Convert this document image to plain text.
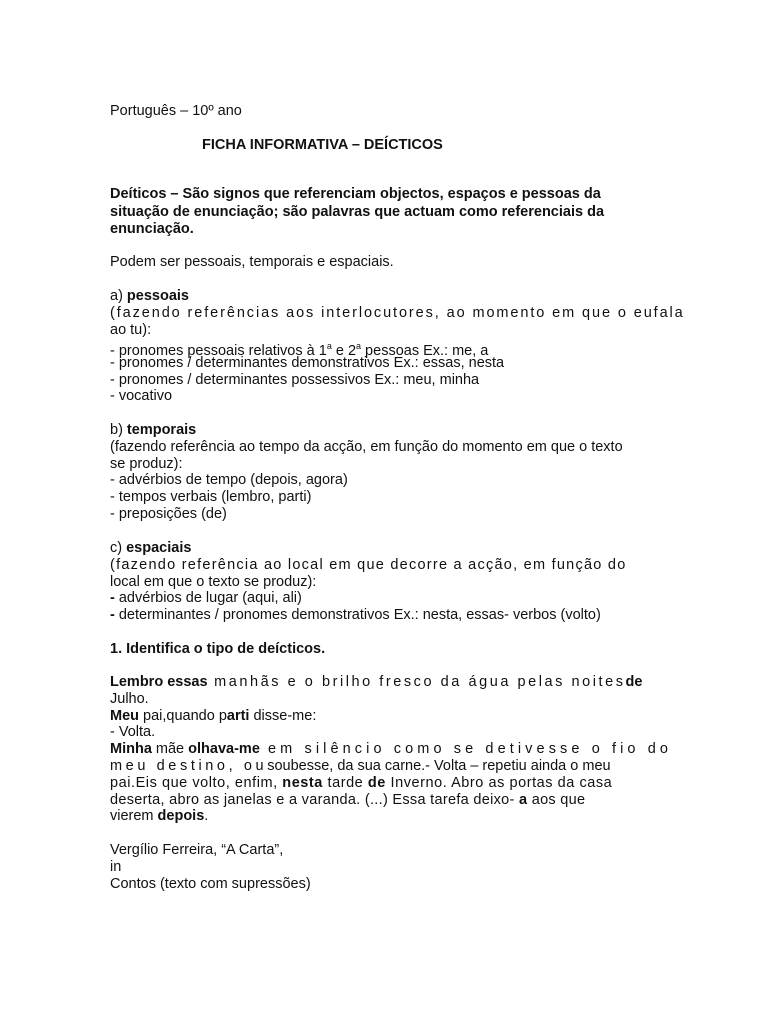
Português – 10º ano
FICHA INFORMATIVA – DEÍCTICOS
Deíticos – São signos que referenciam objectos, espaços e pessoas da
situação de enunciação; são palavras que actuam como referenciais da
enunciação.
Podem ser pessoais, temporais e espaciais.
a) pessoais
(fazendo referências aos interlocutores, ao momento em que o eufala
ao tu):
- pronomes pessoais relativos à 1$^a$ e 2$^a$ pessoas Ex.: me, a
- pronomes / determinantes demonstrativos Ex.: essas, nesta
- pronomes / determinantes possessivos Ex.: meu, minha
- vocativo
b) temporais
(fazendo referência ao tempo da acção, em função do momento em que o texto
se produz):
- advérbios de tempo (depois, agora)
- tempos verbais (lembro, parti)
- preposições (de)
c) espaciais
(fazendo referência ao local em que decorre a acção, em função do
local em que o texto se produz):
- advérbios de lugar (aqui, ali)
- determinantes / pronomes demonstrativos Ex.: nesta, essas- verbos (volto)
1. Identifica o tipo de deícticos.
Lembro essas manhãs e o brilho fresco da água pelas noitesde
Julho.
Meu pai,quando parti disse-me:
- Volta.
Minha mãe olhava-me em silêncio como se detivesse o fio do
meu destino, ousoubesse, da sua carne.- Volta – repetiu ainda o meu
pai.Eis que volto, enfim, nesta tarde de Inverno. Abro as portas da casa
deserta, abro as janelas e a varanda. (...) Essa tarefa deixo- a aos que
vierem depois.
Vergílio Ferreira, “A Carta”,
in
Contos (texto com supressões)
